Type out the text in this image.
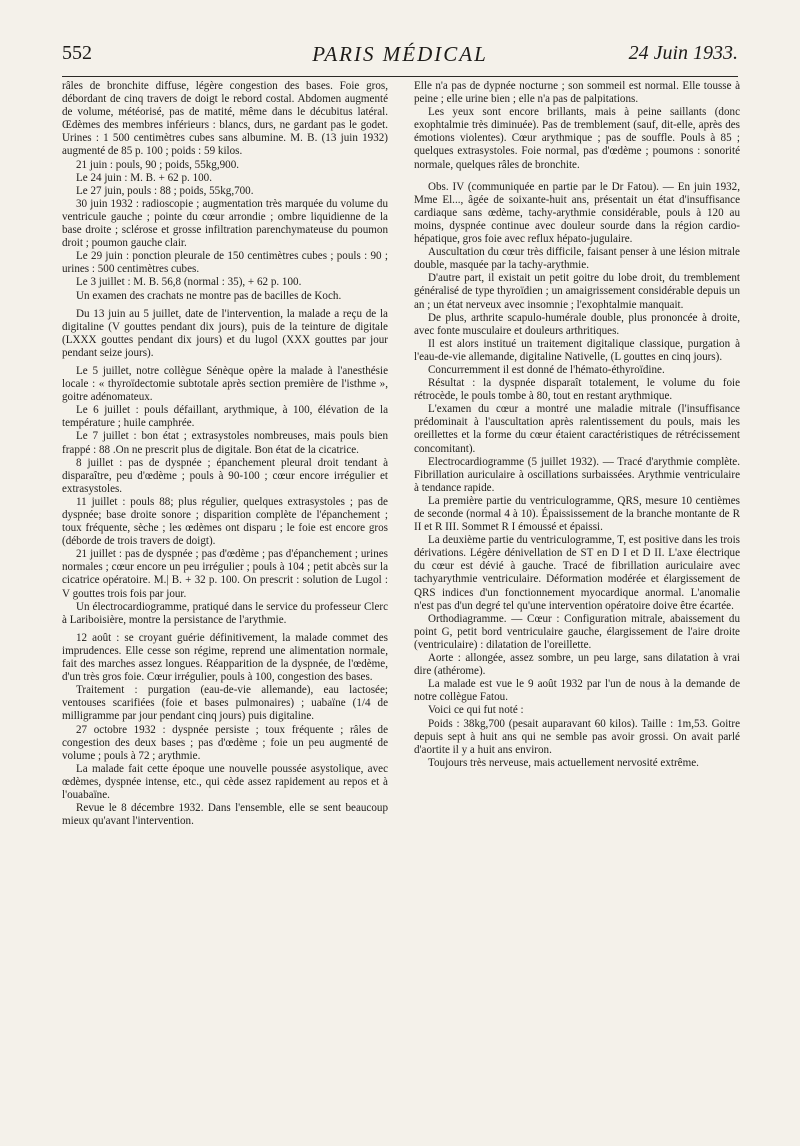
552	PARIS MÉDICAL	24 Juin 1933.

râles de bronchite diffuse, légère congestion des bases. Foie gros, débordant de cinq travers de doigt le rebord costal. Abdomen augmenté de volume, météorisé, pas de matité, même dans le décubitus latéral. Œdèmes des membres inférieurs : blancs, durs, ne gardant pas le godet. Urines : 1 500 centimètres cubes sans albumine. M. B. (13 juin 1932) augmenté de 85 p. 100 ; poids : 59 kilos.

21 juin : pouls, 90 ; poids, 55kg,900.

Le 24 juin : M. B. + 62 p. 100.

Le 27 juin, pouls : 88 ; poids, 55kg,700.

30 juin 1932 : radioscopie ; augmentation très marquée du volume du ventricule gauche ; pointe du cœur arrondie ; ombre liquidienne de la base droite ; sclérose et grosse infiltration parenchymateuse du poumon droit ; poumon gauche clair.

Le 29 juin : ponction pleurale de 150 centimètres cubes ; pouls : 90 ; urines : 500 centimètres cubes.

Le 3 juillet : M. B. 56,8 (normal : 35), + 62 p. 100.

Un examen des crachats ne montre pas de bacilles de Koch.

Du 13 juin au 5 juillet, date de l'intervention, la malade a reçu de la digitaline (V gouttes pendant dix jours), puis de la teinture de digitale (LXXX gouttes pendant dix jours) et du lugol (XXX gouttes par jour pendant seize jours).

Le 5 juillet, notre collègue Sénèque opère la malade à l'anesthésie locale : « thyroïdectomie subtotale après section première de l'isthme », goitre adénomateux.

Le 6 juillet : pouls défaillant, arythmique, à 100, élévation de la température ; huile camphrée.

Le 7 juillet : bon état ; extrasystoles nombreuses, mais pouls bien frappé : 88 .On ne prescrit plus de digitale. Bon état de la cicatrice.

8 juillet : pas de dyspnée ; épanchement pleural droit tendant à disparaître, peu d'œdème ; pouls à 90-100 ; cœur encore irrégulier et extrasystoles.

11 juillet : pouls 88; plus régulier, quelques extrasystoles ; pas de dyspnée; base droite sonore ; disparition complète de l'épanchement ; toux fréquente, sèche ; les œdèmes ont disparu ; le foie est encore gros (déborde de trois travers de doigt).

21 juillet : pas de dyspnée ; pas d'œdème ; pas d'épanchement ; urines normales ; cœur encore un peu irrégulier ; pouls à 104 ; petit abcès sur la cicatrice opératoire. M.| B. + 32 p. 100. On prescrit : solution de Lugol : V gouttes trois fois par jour.

Un électrocardiogramme, pratiqué dans le service du professeur Clerc à Lariboisière, montre la persistance de l'arythmie.

12 août : se croyant guérie définitivement, la malade commet des imprudences. Elle cesse son régime, reprend une alimentation normale, fait des marches assez longues. Réapparition de la dyspnée, de l'œdème, d'un très gros foie. Cœur irrégulier, pouls à 100, congestion des bases.

Traitement : purgation (eau-de-vie allemande), eau lactosée; ventouses scarifiées (foie et bases pulmonaires) ; uabaïne (1/4 de milligramme par jour pendant cinq jours) puis digitaline.

27 octobre 1932 : dyspnée persiste ; toux fréquente ; râles de congestion des deux bases ; pas d'œdème ; foie un peu augmenté de volume ; pouls à 72 ; arythmie.

La malade fait cette époque une nouvelle poussée asystolique, avec œdèmes, dyspnée intense, etc., qui cède assez rapidement au repos et à l'ouabaïne.

Revue le 8 décembre 1932. Dans l'ensemble, elle se sent beaucoup mieux qu'avant l'intervention.

Elle n'a pas de dypnée nocturne ; son sommeil est normal. Elle tousse à peine ; elle urine bien ; elle n'a pas de palpitations.

Les yeux sont encore brillants, mais à peine saillants (donc exophtalmie très diminuée). Pas de tremblement (sauf, dit-elle, après des émotions violentes). Cœur arythmique ; pas de souffle. Pouls à 85 ; quelques extrasystoles. Foie normal, pas d'œdème ; poumons : sonorité normale, quelques râles de bronchite.

Obs. IV (communiquée en partie par le Dr Fatou). — En juin 1932, Mme El..., âgée de soixante-huit ans, présentait un état d'insuffisance cardiaque sans œdème, tachy-arythmie considérable, pouls à 120 au moins, dyspnée continue avec douleur sourde dans la région cardio-hépatique, gros foie avec reflux hépato-jugulaire.

Auscultation du cœur très difficile, faisant penser à une lésion mitrale double, masquée par la tachy-arythmie.

D'autre part, il existait un petit goitre du lobe droit, du tremblement généralisé de type thyroïdien ; un amaigrissement considérable depuis un an ; un état nerveux avec insomnie ; l'exophtalmie manquait.

De plus, arthrite scapulo-humérale double, plus prononcée à droite, avec fonte musculaire et douleurs arthritiques.

Il est alors institué un traitement digitalique classique, purgation à l'eau-de-vie allemande, digitaline Nativelle, (L gouttes en cinq jours).

Concurremment il est donné de l'hémato-éthyroïdine.

Résultat : la dyspnée disparaît totalement, le volume du foie rétrocède, le pouls tombe à 80, tout en restant arythmique.

L'examen du cœur a montré une maladie mitrale (l'insuffisance prédominait à l'auscultation après ralentissement du pouls, mais les oreillettes et la forme du cœur étaient caractéristiques de rétrécissement concomitant).

Electrocardiogramme (5 juillet 1932). — Tracé d'arythmie complète. Fibrillation auriculaire à oscillations surbaissées. Arythmie ventriculaire à tendance rapide.

La première partie du ventriculogramme, QRS, mesure 10 centièmes de seconde (normal 4 à 10). Épaississement de la branche montante de R II et R III. Sommet R I émoussé et épaissi.

La deuxième partie du ventriculogramme, T, est positive dans les trois dérivations. Légère dénivellation de ST en D I et D II. L'axe électrique du cœur est dévié à gauche. Tracé de fibrillation auriculaire avec tachyarythmie ventriculaire. Déformation modérée et élargissement de QRS indices d'un fonctionnement myocardique anormal. L'anomalie n'est pas d'un degré tel qu'une intervention opératoire doive être écartée.

Orthodiagramme. — Cœur : Configuration mitrale, abaissement du point G, petit bord ventriculaire gauche, élargissement de l'aire droite (ventriculaire) : dilatation de l'oreillette.

Aorte : allongée, assez sombre, un peu large, sans dilatation à vrai dire (athérome).

La malade est vue le 9 août 1932 par l'un de nous à la demande de notre collègue Fatou.

Voici ce qui fut noté :

Poids : 38kg,700 (pesait auparavant 60 kilos). Taille : 1m,53. Goitre depuis sept à huit ans qui ne semble pas avoir grossi. On avait parlé d'aortite il y a huit ans environ.

Toujours très nerveuse, mais actuellement nervosité extrême.
